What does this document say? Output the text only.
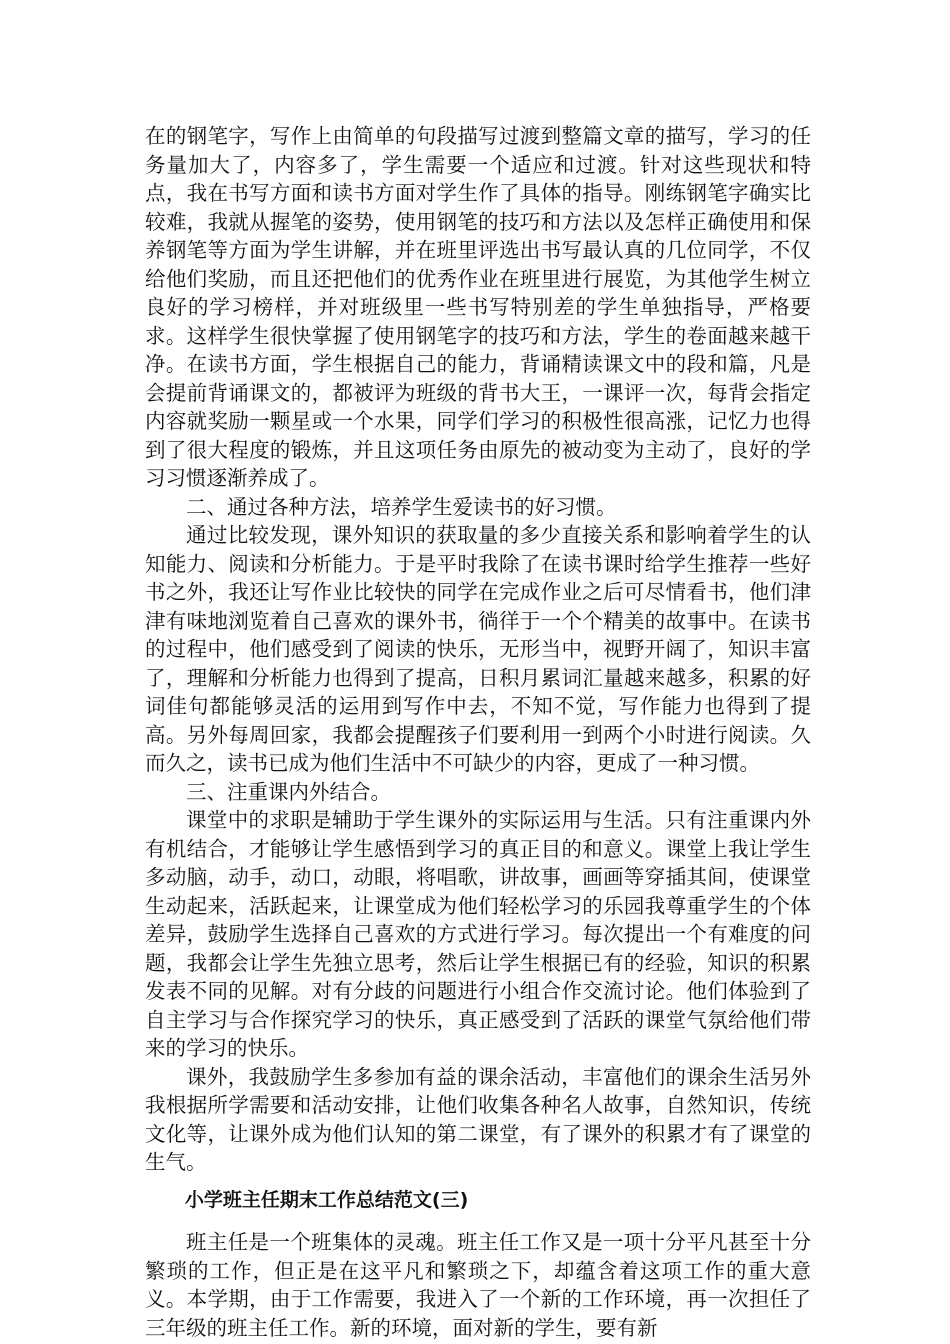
在的钢笔字，写作上由简单的句段描写过渡到整篇文章的描写，学习的任务量加大了，内容多了，学生需要一个适应和过渡。针对这些现状和特点，我在书写方面和读书方面对学生作了具体的指导。刚练钢笔字确实比较难，我就从握笔的姿势，使用钢笔的技巧和方法以及怎样正确使用和保养钢笔等方面为学生讲解，并在班里评选出书写最认真的几位同学，不仅给他们奖励，而且还把他们的优秀作业在班里进行展览，为其他学生树立良好的学习榜样，并对班级里一些书写特别差的学生单独指导，严格要求。这样学生很快掌握了使用钢笔字的技巧和方法，学生的卷面越来越干净。在读书方面，学生根据自己的能力，背诵精读课文中的段和篇，凡是会提前背诵课文的，都被评为班级的背书大王，一课评一次，每背会指定内容就奖励一颗星或一个水果，同学们学习的积极性很高涨，记忆力也得到了很大程度的锻炼，并且这项任务由原先的被动变为主动了，良好的学习习惯逐渐养成了。

二、通过各种方法，培养学生爱读书的好习惯。

通过比较发现，课外知识的获取量的多少直接关系和影响着学生的认知能力、阅读和分析能力。于是平时我除了在读书课时给学生推荐一些好书之外，我还让写作业比较快的同学在完成作业之后可尽情看书，他们津津有味地浏览着自己喜欢的课外书，徜徉于一个个精美的故事中。在读书的过程中，他们感受到了阅读的快乐，无形当中，视野开阔了，知识丰富了，理解和分析能力也得到了提高，日积月累词汇量越来越多，积累的好词佳句都能够灵活的运用到写作中去，不知不觉，写作能力也得到了提高。另外每周回家，我都会提醒孩子们要利用一到两个小时进行阅读。久而久之，读书已成为他们生活中不可缺少的内容，更成了一种习惯。

三、注重课内外结合。

课堂中的求职是辅助于学生课外的实际运用与生活。只有注重课内外有机结合，才能够让学生感悟到学习的真正目的和意义。课堂上我让学生多动脑，动手，动口，动眼，将唱歌，讲故事，画画等穿插其间，使课堂生动起来，活跃起来，让课堂成为他们轻松学习的乐园我尊重学生的个体差异，鼓励学生选择自己喜欢的方式进行学习。每次提出一个有难度的问题，我都会让学生先独立思考，然后让学生根据已有的经验，知识的积累发表不同的见解。对有分歧的问题进行小组合作交流讨论。他们体验到了自主学习与合作探究学习的快乐，真正感受到了活跃的课堂气氛给他们带来的学习的快乐。

课外，我鼓励学生多参加有益的课余活动，丰富他们的课余生活另外我根据所学需要和活动安排，让他们收集各种名人故事，自然知识，传统文化等，让课外成为他们认知的第二课堂，有了课外的积累才有了课堂的生气。

小学班主任期末工作总结范文(三)

班主任是一个班集体的灵魂。班主任工作又是一项十分平凡甚至十分繁琐的工作，但正是在这平凡和繁琐之下，却蕴含着这项工作的重大意义。本学期，由于工作需要，我进入了一个新的工作环境，再一次担任了三年级的班主任工作。新的环境，面对新的学生，要有新
